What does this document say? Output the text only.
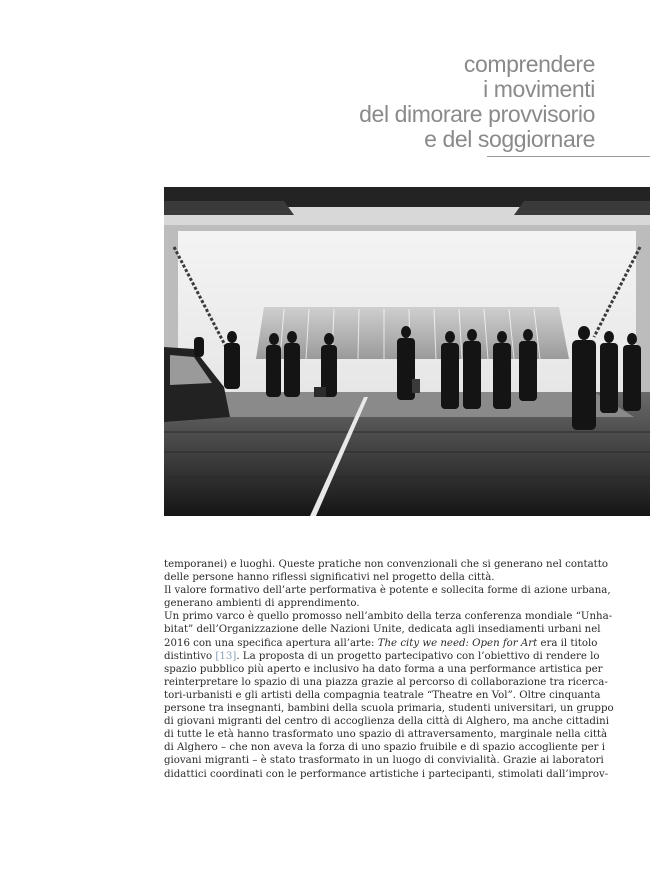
comprendere
i movimenti
del dimorare provvisorio
e del soggiornare
temporanei) e luoghi. Queste pratiche non convenzionali che si generano nel contatto
delle persone hanno riflessi significativi nel progetto della città.
Il valore formativo dell’arte performativa è potente e sollecita forme di azione urbana,
generano ambienti di apprendimento.
Un primo varco è quello promosso nell’ambito della terza conferenza mondiale “Unha-
bitat” dell’Organizzazione delle Nazioni Unite, dedicata agli insediamenti urbani nel
2016 con una specifica apertura all’arte: The city we need: Open for Art era il titolo
distintivo [13]. La proposta di un progetto partecipativo con l’obiettivo di rendere lo
spazio pubblico più aperto e inclusivo ha dato forma a una performance artistica per
reinterpretare lo spazio di una piazza grazie al percorso di collaborazione tra ricerca-
tori-urbanisti e gli artisti della compagnia teatrale “Theatre en Vol”. Oltre cinquanta
persone tra insegnanti, bambini della scuola primaria, studenti universitari, un gruppo
di giovani migranti del centro di accoglienza della città di Alghero, ma anche cittadini
di tutte le età hanno trasformato uno spazio di attraversamento, marginale nella città
di Alghero – che non aveva la forza di uno spazio fruibile e di spazio accogliente per i
giovani migranti – è stato trasformato in un luogo di convivialità. Grazie ai laboratori
didattici coordinati con le performance artistiche i partecipanti, stimolati dall’improv-
